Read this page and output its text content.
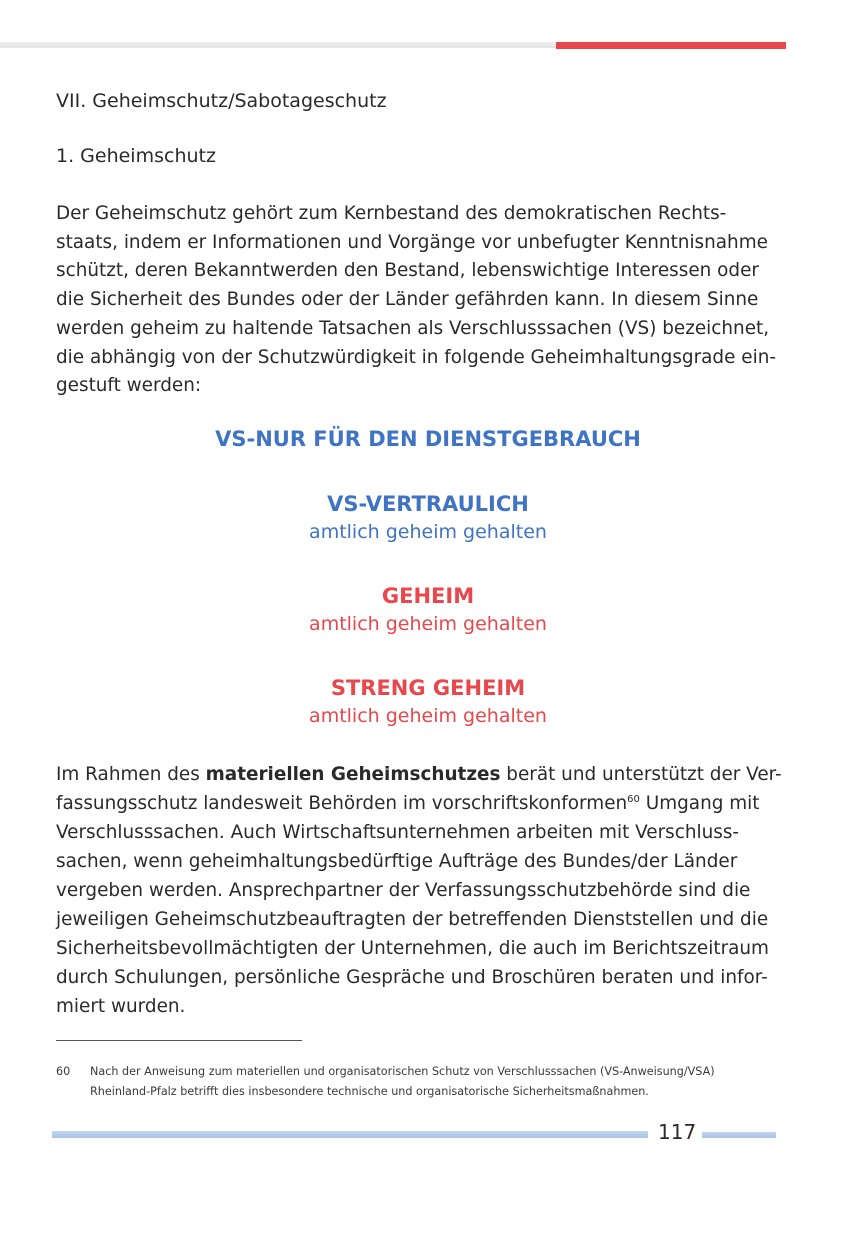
VII. Geheimschutz/Sabotageschutz
1. Geheimschutz
Der Geheimschutz gehört zum Kernbestand des demokratischen Rechts-
staats, indem er Informationen und Vorgänge vor unbefugter Kenntnisnahme
schützt, deren Bekanntwerden den Bestand, lebenswichtige Interessen oder
die Sicherheit des Bundes oder der Länder gefährden kann. In diesem Sinne
werden geheim zu haltende Tatsachen als Verschlusssachen (VS) bezeichnet,
die abhängig von der Schutzwürdigkeit in folgende Geheimhaltungsgrade ein-
gestuft werden:
VS-NUR FÜR DEN DIENSTGEBRAUCH
VS-VERTRAULICH
amtlich geheim gehalten
GEHEIM
amtlich geheim gehalten
STRENG GEHEIM
amtlich geheim gehalten
Im Rahmen des materiellen Geheimschutzes berät und unterstützt der Ver-
fassungsschutz landesweit Behörden im vorschriftskonformen$^{60}$ Umgang mit
Verschlusssachen. Auch Wirtschaftsunternehmen arbeiten mit Verschluss-
sachen, wenn geheimhaltungsbedürftige Aufträge des Bundes/der Länder
vergeben werden. Ansprechpartner der Verfassungsschutzbehörde sind die
jeweiligen Geheimschutzbeauftragten der betreffenden Dienststellen und die
Sicherheitsbevollmächtigten der Unternehmen, die auch im Berichtszeitraum
durch Schulungen, persönliche Gespräche und Broschüren beraten und infor-
miert wurden.
60 Nach der Anweisung zum materiellen und organisatorischen Schutz von Verschlusssachen (VS-Anweisung/VSA)
Rheinland-Pfalz betrifft dies insbesondere technische und organisatorische Sicherheitsmaßnahmen.
117
